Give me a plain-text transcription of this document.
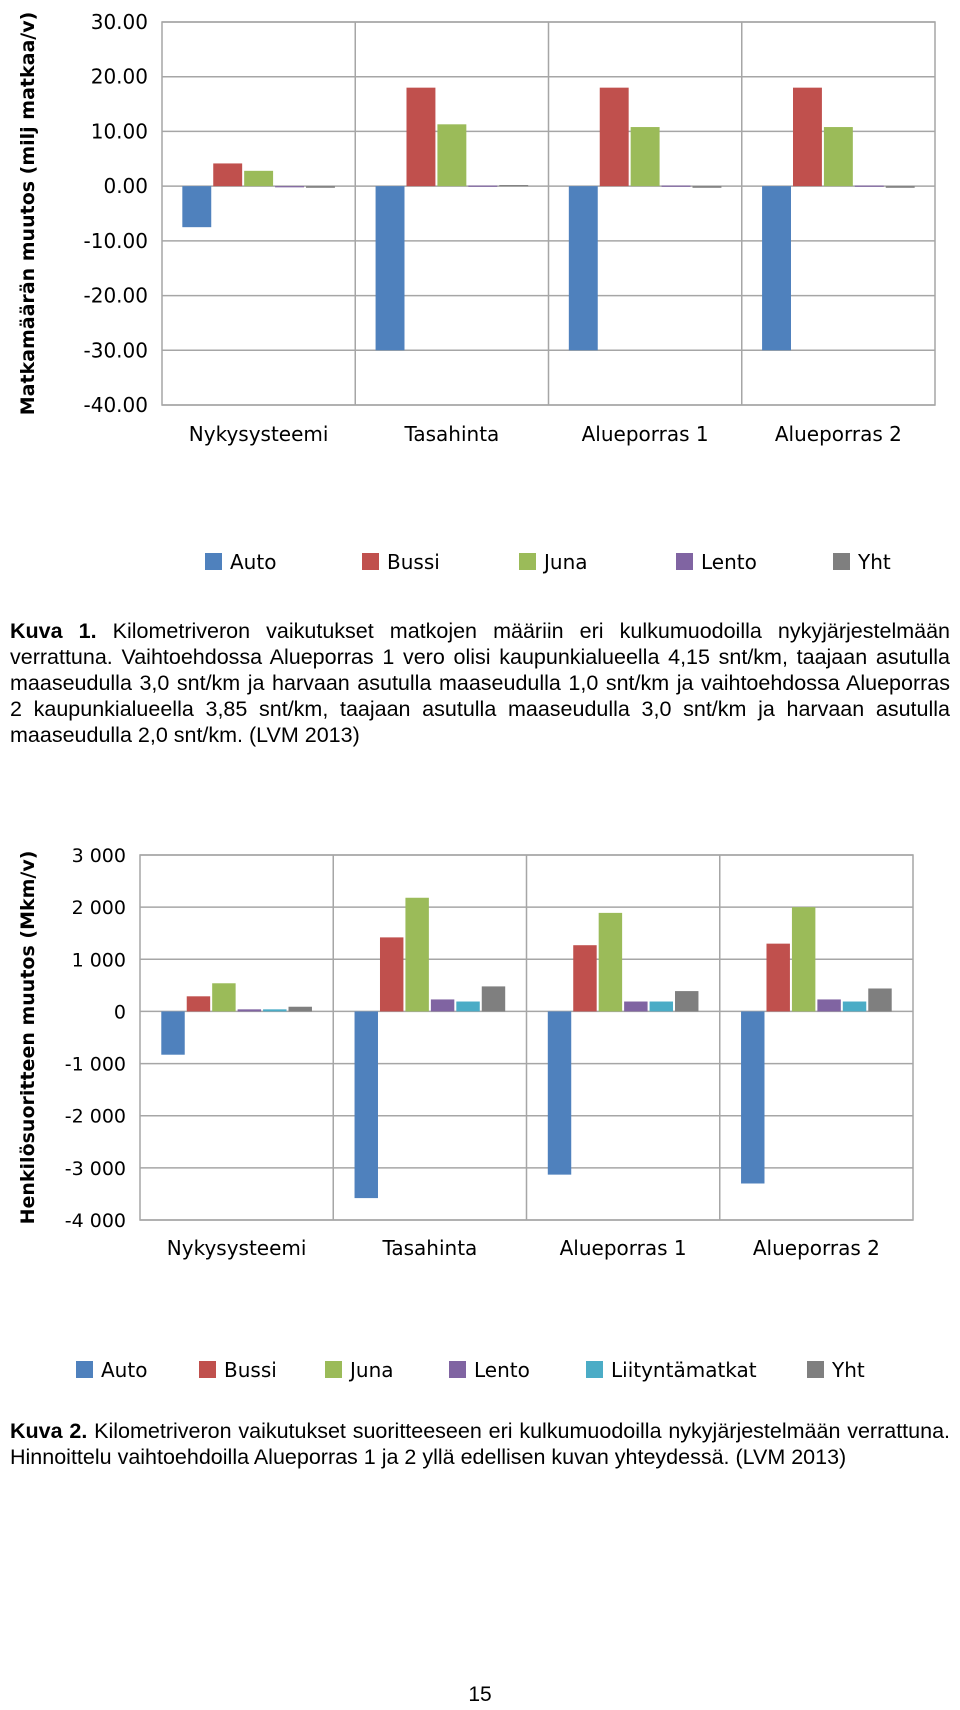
-40.00
-30.00
-20.00
-10.00
0.00
10.00
20.00
30.00
Nykysysteemi	Tasahinta	Alueporras 1	Alueporras 2
Matkamäärän muutos (milj matkaa/v)
Auto	Bussi	Juna	Lento	Yht

Kuva 1. Kilometriveron vaikutukset matkojen määriin eri kulkumuodoilla nykyjärjestelmään verrattuna. Vaihtoehdossa Alueporras 1 vero olisi kaupunkialueella 4,15 snt/km, taajaan asutulla maaseudulla 3,0 snt/km ja harvaan asutulla maaseudulla 1,0 snt/km ja vaihtoehdossa Alueporras 2 kaupunkialueella 3,85 snt/km, taajaan asutulla maaseudulla 3,0 snt/km ja harvaan asutulla maaseudulla 2,0 snt/km. (LVM 2013)

-4 000
-3 000
-2 000
-1 000
0
1 000
2 000
3 000
Nykysysteemi	Tasahinta	Alueporras 1	Alueporras 2
Henkilösuoritteen muutos (Mkm/v)
Auto	Bussi	Juna	Lento	Liityntämatkat	Yht

Kuva 2. Kilometriveron vaikutukset suoritteeseen eri kulkumuodoilla nykyjärjestelmään verrattuna. Hinnoittelu vaihtoehdoilla Alueporras 1 ja 2 yllä edellisen kuvan yhteydessä. (LVM 2013)

15
